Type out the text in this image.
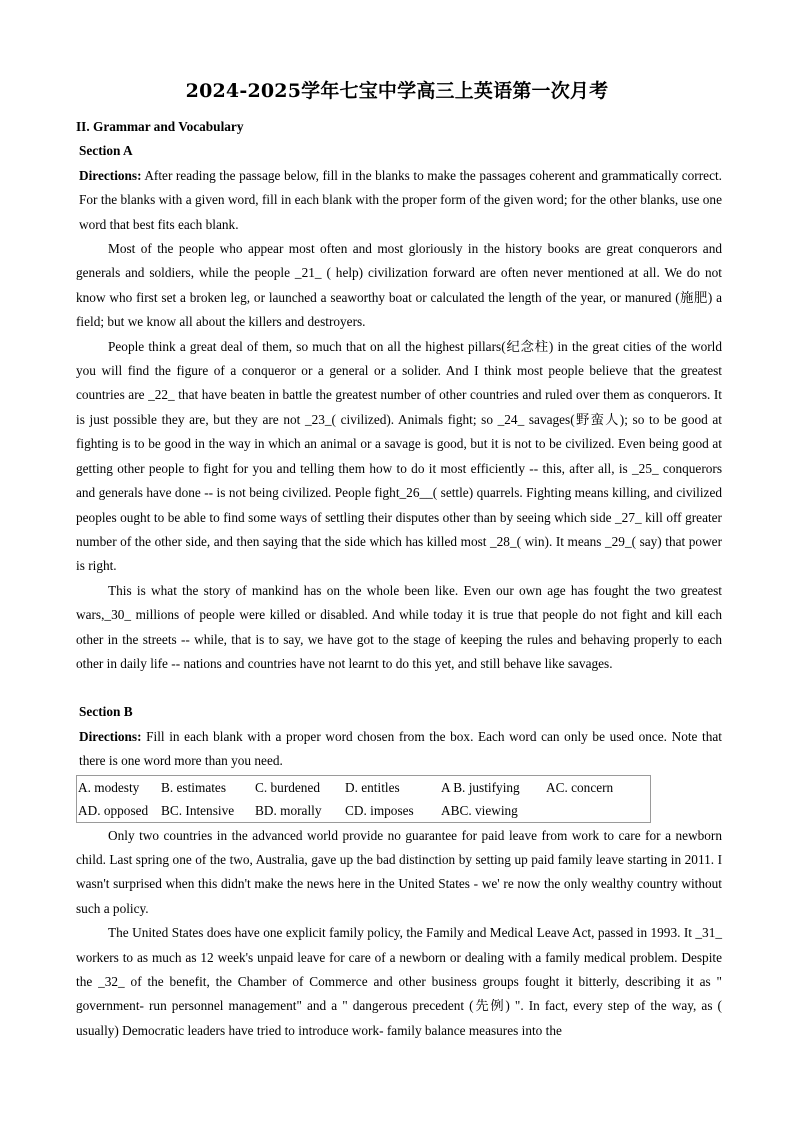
2024-2025学年七宝中学高三上英语第一次月考

II. Grammar and Vocabulary

Section A

Directions: After reading the passage below, fill in the blanks to make the passages coherent and grammatically correct. For the blanks with a given word, fill in each blank with the proper form of the given word; for the other blanks, use one word that best fits each blank.

Most of the people who appear most often and most gloriously in the history books are great conquerors and generals and soldiers, while the people _21_ ( help) civilization forward are often never mentioned at all. We do not know who first set a broken leg, or launched a seaworthy boat or calculated the length of the year, or manured (施肥) a field; but we know all about the killers and destroyers.

People think a great deal of them, so much that on all the highest pillars(纪念柱) in the great cities of the world you will find the figure of a conqueror or a general or a solider. And I think most people believe that the greatest countries are _22_ that have beaten in battle the greatest number of other countries and ruled over them as conquerors. It is just possible they are, but they are not _23_( civilized). Animals fight; so _24_ savages(野蛮人); so to be good at fighting is to be good in the way in which an animal or a savage is good, but it is not to be civilized. Even being good at getting other people to fight for you and telling them how to do it most efficiently -- this, after all, is _25_ conquerors and generals have done -- is not being civilized. People fight_26__( settle) quarrels. Fighting means killing, and civilized peoples ought to be able to find some ways of settling their disputes other than by seeing which side _27_ kill off greater number of the other side, and then saying that the side which has killed most _28_( win). It means _29_( say) that power is right.

This is what the story of mankind has on the whole been like. Even our own age has fought the two greatest wars,_30_ millions of people were killed or disabled. And while today it is true that people do not fight and kill each other in the streets -- while, that is to say, we have got to the stage of keeping the rules and behaving properly to each other in daily life -- nations and countries have not learnt to do this yet, and still behave like savages.

Section B

Directions: Fill in each blank with a proper word chosen from the box. Each word can only be used once. Note that there is one word more than you need.

A. modesty	B. estimates	C. burdened	D. entitles	A B. justifying	AC. concern
AD. opposed	BC. Intensive	BD. morally	CD. imposes	ABC. viewing	

Only two countries in the advanced world provide no guarantee for paid leave from work to care for a newborn child. Last spring one of the two, Australia, gave up the bad distinction by setting up paid family leave starting in 2011. I wasn't surprised when this didn't make the news here in the United States - we' re now the only wealthy country without such a policy.

The United States does have one explicit family policy, the Family and Medical Leave Act, passed in 1993. It _31_ workers to as much as 12 week's unpaid leave for care of a newborn or dealing with a family medical problem. Despite the _32_ of the benefit, the Chamber of Commerce and other business groups fought it bitterly, describing it as " government- run personnel management" and a " dangerous precedent (先例) ". In fact, every step of the way, as ( usually) Democratic leaders have tried to introduce work- family balance measures into the
